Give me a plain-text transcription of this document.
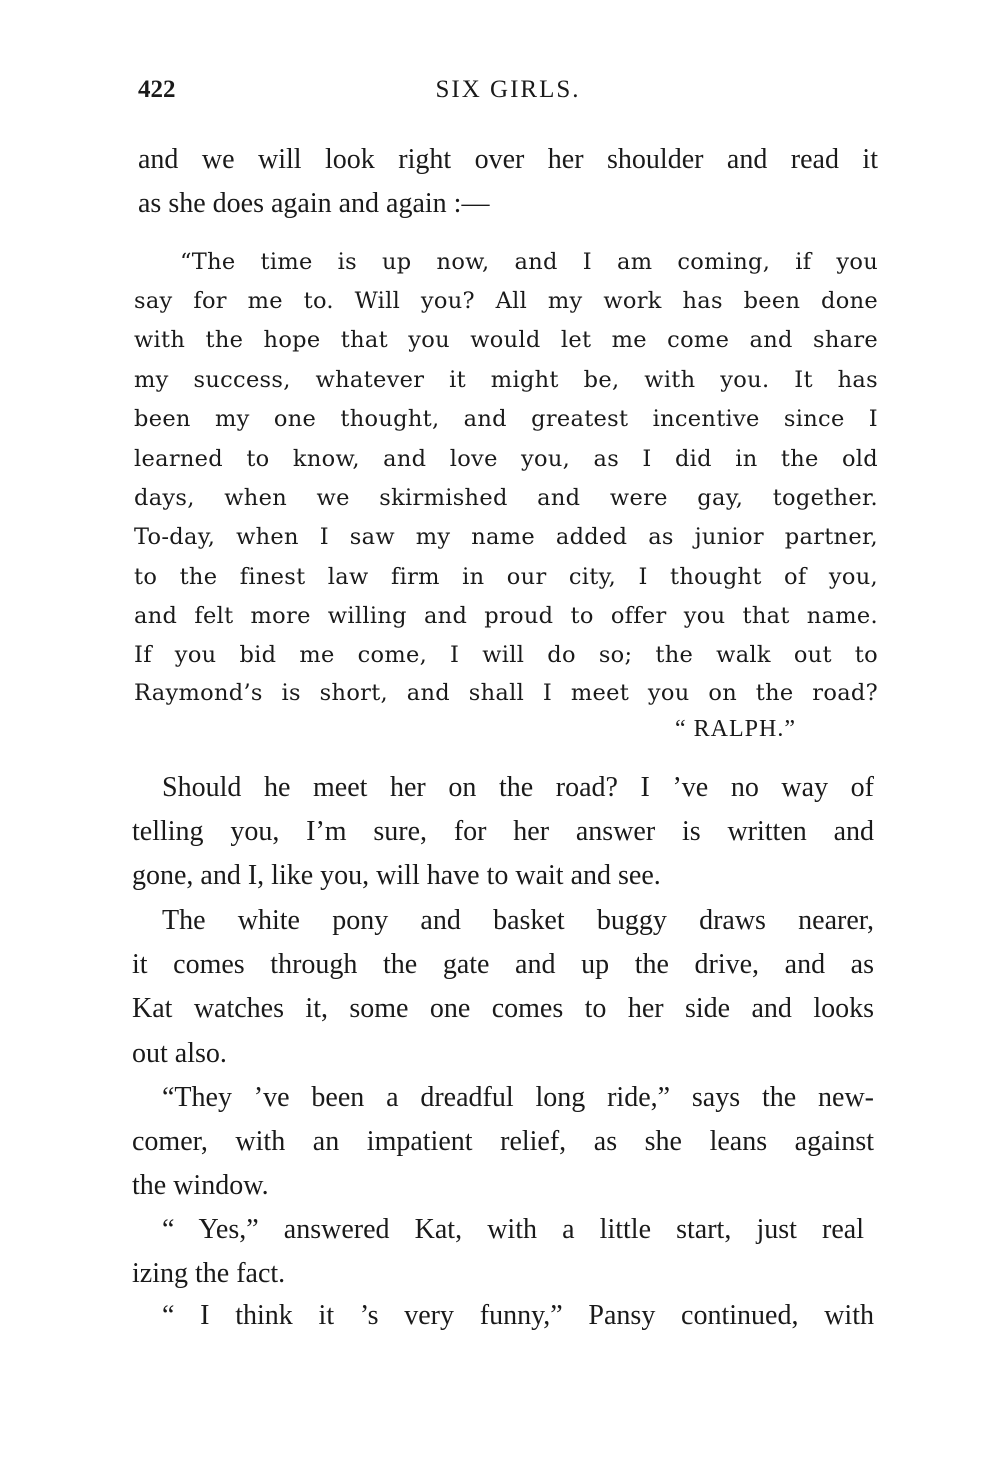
422	SIX GIRLS.
and we will look right over her shoulder and read it
as she does again and again :—
“The time is up now, and I am coming, if you
say for me to. Will you? All my work has been done
with the hope that you would let me come and share
my success, whatever it might be, with you. It has
been my one thought, and greatest incentive since I
learned to know, and love you, as I did in the old
days, when we skirmished and were gay, together.
To-day, when I saw my name added as junior partner,
to the finest law firm in our city, I thought of you,
and felt more willing and proud to offer you that name.
If you bid me come, I will do so; the walk out to
Raymond’s is short, and shall I meet you on the road?
“ RALPH.”
Should he meet her on the road? I ’ve no way of
telling you, I’m sure, for her answer is written and
gone, and I, like you, will have to wait and see.
The white pony and basket buggy draws nearer,
it comes through the gate and up the drive, and as
Kat watches it, some one comes to her side and looks
out also.
“They ’ve been a dreadful long ride,” says the new-
comer, with an impatient relief, as she leans against
the window.
“ Yes,” answered Kat, with a little start, just real
izing the fact.
“ I think it ’s very funny,” Pansy continued, with
